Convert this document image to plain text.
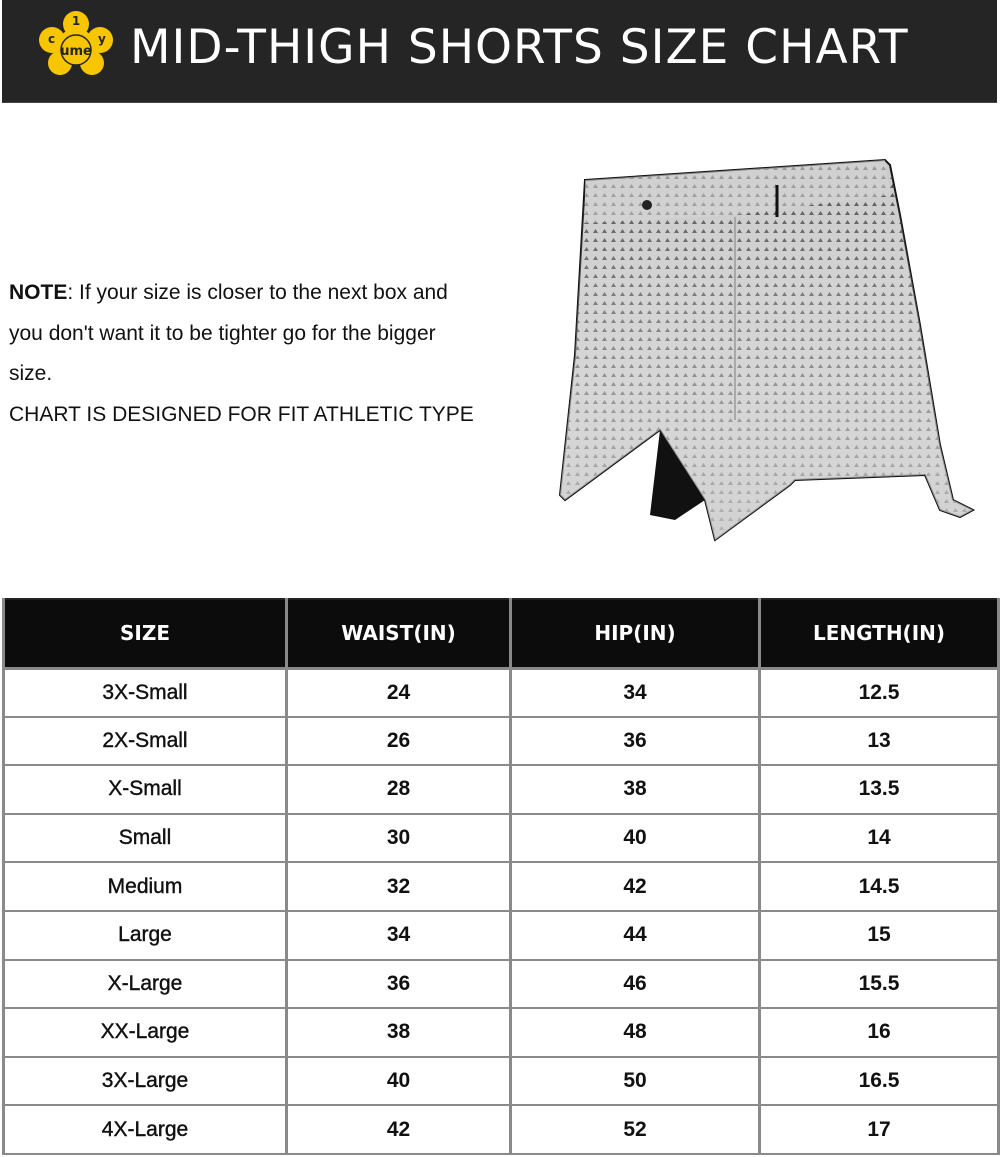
ume
1
c	y MID-THIGH SHORTS SIZE CHART
NOTE: If your size is closer to the next box and
you don't want it to be tighter go for the bigger
size.
CHART IS DESIGNED FOR FIT ATHLETIC TYPE
SIZE	WAIST(IN)	HIP(IN)	LENGTH(IN)
3X-Small	24	34	12.5
2X-Small	26	36	13
X-Small	28	38	13.5
Small	30	40	14
Medium	32	42	14.5
Large	34	44	15
X-Large	36	46	15.5
XX-Large	38	48	16
3X-Large	40	50	16.5
4X-Large	42	52	17
